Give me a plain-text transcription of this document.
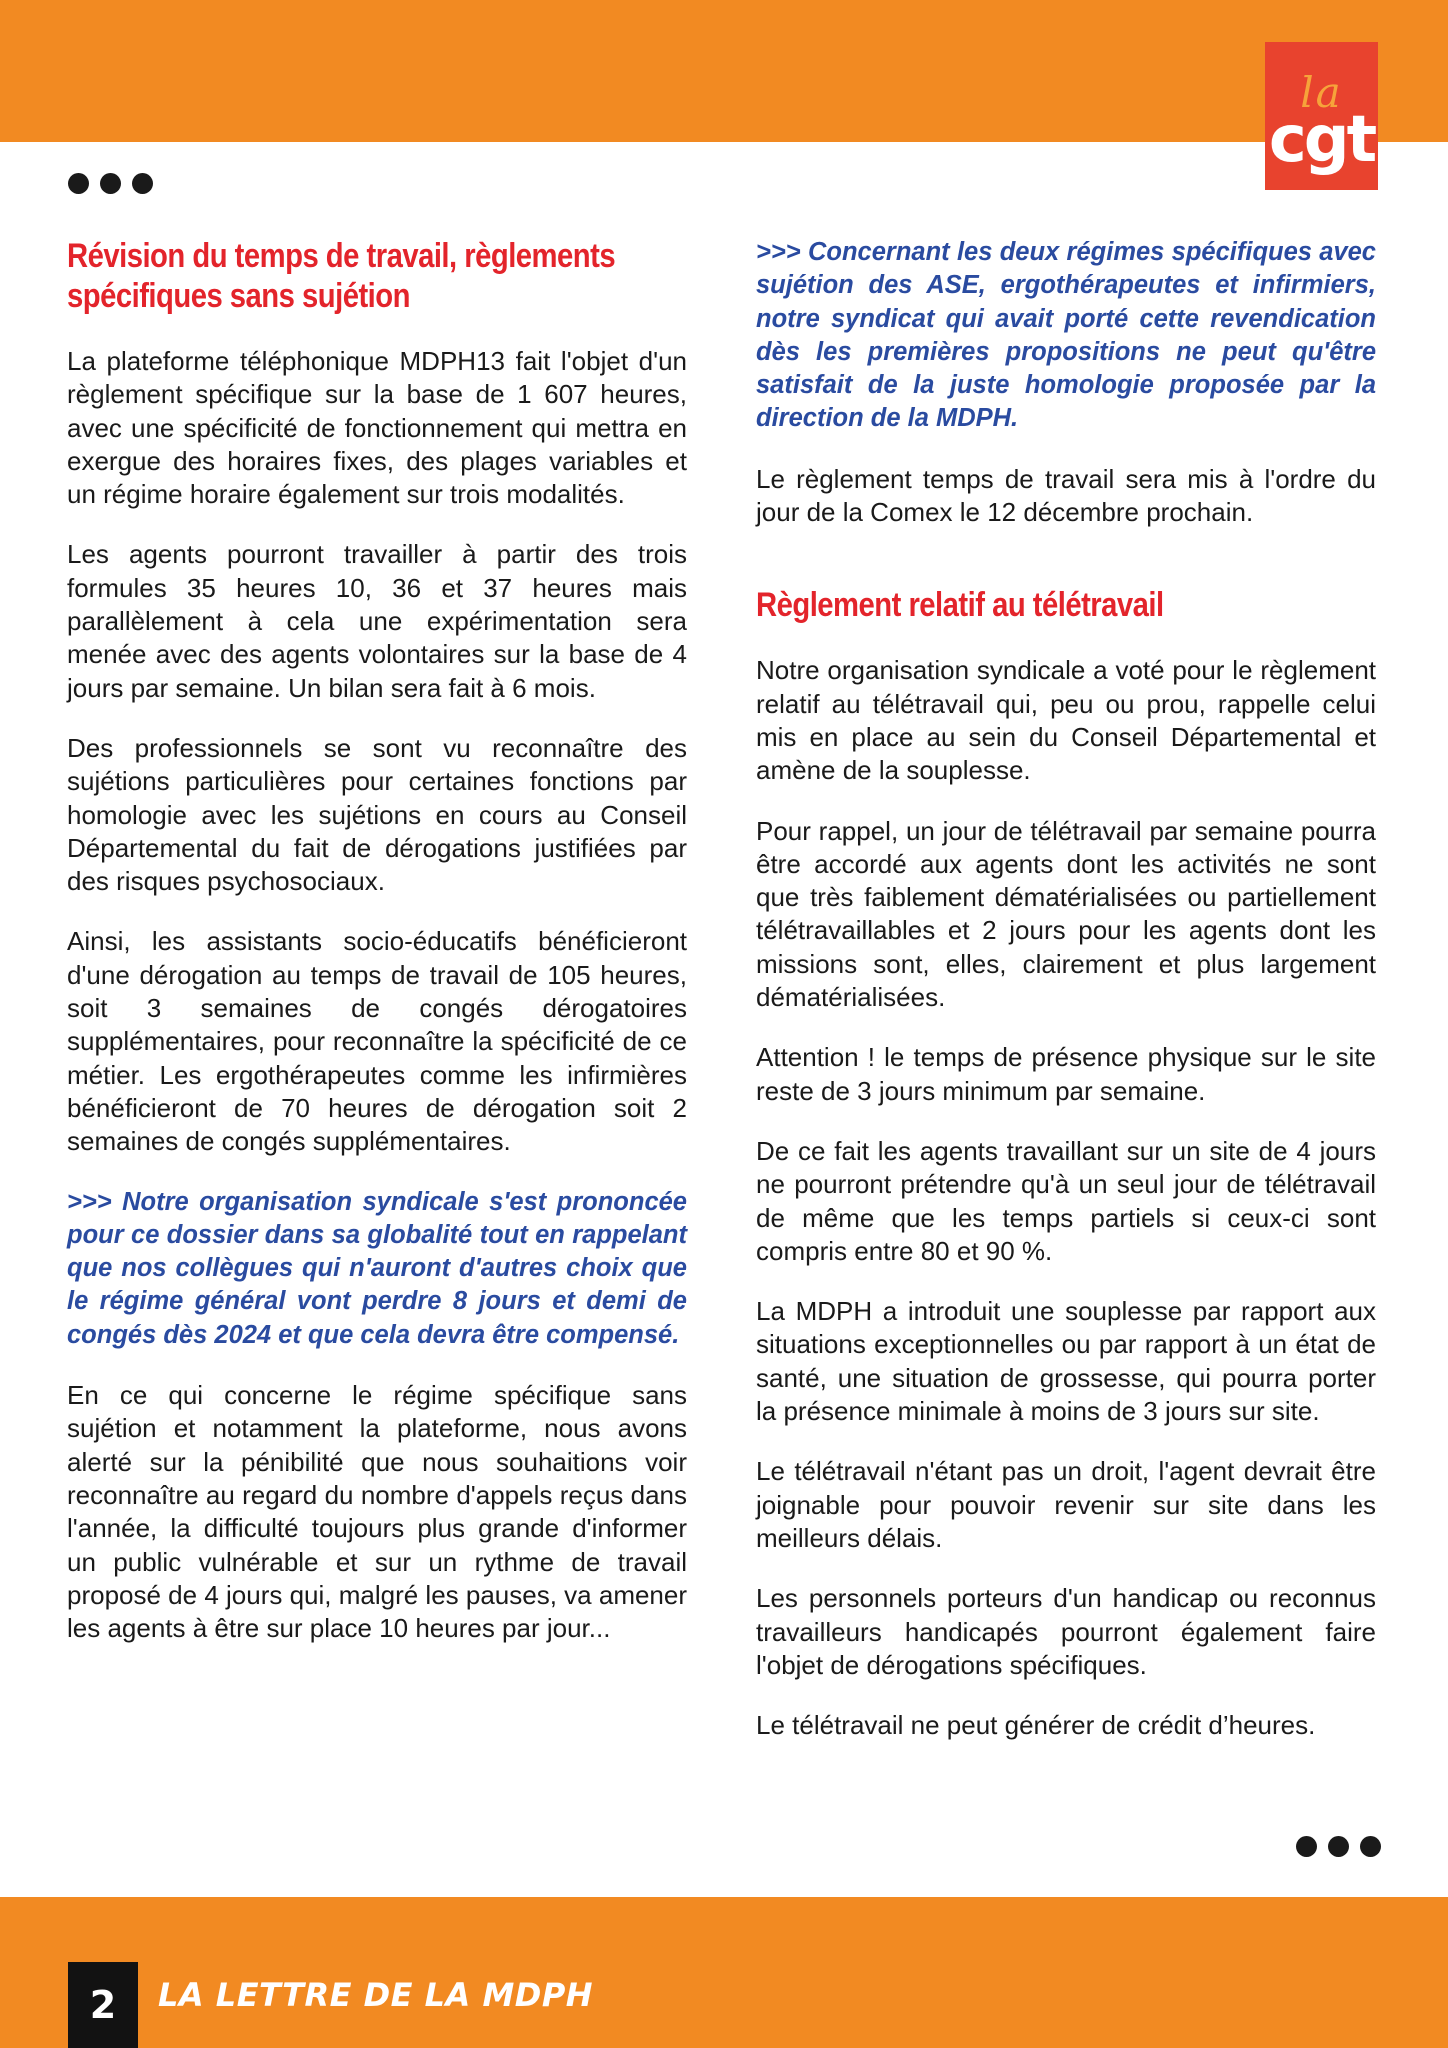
la
cgt
Révision du temps de travail, règlements spécifiques sans sujétion

La plateforme téléphonique MDPH13 fait l'objet d'un règlement spécifique sur la base de 1 607 heures, avec une spécificité de fonctionnement qui mettra en exergue des horaires fixes, des plages variables et un régime horaire également sur trois modalités.

Les agents pourront travailler à partir des trois formules 35 heures 10, 36 et 37 heures mais parallèlement à cela une expérimentation sera menée avec des agents volontaires sur la base de 4 jours par semaine. Un bilan sera fait à 6 mois.

Des professionnels se sont vu reconnaître des sujétions particulières pour certaines fonctions par homologie avec les sujétions en cours au Conseil Départemental du fait de dérogations justifiées par des risques psychosociaux.

Ainsi, les assistants socio-éducatifs bénéficieront d'une dérogation au temps de travail de 105 heures, soit 3 semaines de congés dérogatoires supplémentaires, pour reconnaître la spécificité de ce métier. Les ergothérapeutes comme les infirmières bénéficieront de 70 heures de dérogation soit 2 semaines de congés supplémentaires.

>>> Notre organisation syndicale s'est prononcée pour ce dossier dans sa globalité tout en rappelant que nos collègues qui n'auront d'autres choix que le régime général vont perdre 8 jours et demi de congés dès 2024 et que cela devra être compensé.

En ce qui concerne le régime spécifique sans sujétion et notamment la plateforme, nous avons alerté sur la pénibilité que nous souhaitions voir reconnaître au regard du nombre d'appels reçus dans l'année, la difficulté toujours plus grande d'informer un public vulnérable et sur un rythme de travail proposé de 4 jours qui, malgré les pauses, va amener les agents à être sur place 10 heures par jour...

>>> Concernant les deux régimes spécifiques avec sujétion des ASE, ergothérapeutes et infirmiers, notre syndicat qui avait porté cette revendication dès les premières propositions ne peut qu'être satisfait de la juste homologie proposée par la direction de la MDPH.

Le règlement temps de travail sera mis à l'ordre du jour de la Comex le 12 décembre prochain.

Règlement relatif au télétravail

Notre organisation syndicale a voté pour le règlement relatif au télétravail qui, peu ou prou, rappelle celui mis en place au sein du Conseil Départemental et amène de la souplesse.

Pour rappel, un jour de télétravail par semaine pourra être accordé aux agents dont les activités ne sont que très faiblement dématérialisées ou partiellement télétravaillables et 2 jours pour les agents dont les missions sont, elles, clairement et plus largement dématérialisées.

Attention ! le temps de présence physique sur le site reste de 3 jours minimum par semaine.

De ce fait les agents travaillant sur un site de 4 jours ne pourront prétendre qu'à un seul jour de télétravail de même que les temps partiels si ceux-ci sont compris entre 80 et 90 %.

La MDPH a introduit une souplesse par rapport aux situations exceptionnelles ou par rapport à un état de santé, une situation de grossesse, qui pourra porter la présence minimale à moins de 3 jours sur site.

Le télétravail n'étant pas un droit, l'agent devrait être joignable pour pouvoir revenir sur site dans les meilleurs délais.

Les personnels porteurs d'un handicap ou reconnus travailleurs handicapés pourront également faire l'objet de dérogations spécifiques.

Le télétravail ne peut générer de crédit d’heures.

2	LA LETTRE DE LA MDPH
